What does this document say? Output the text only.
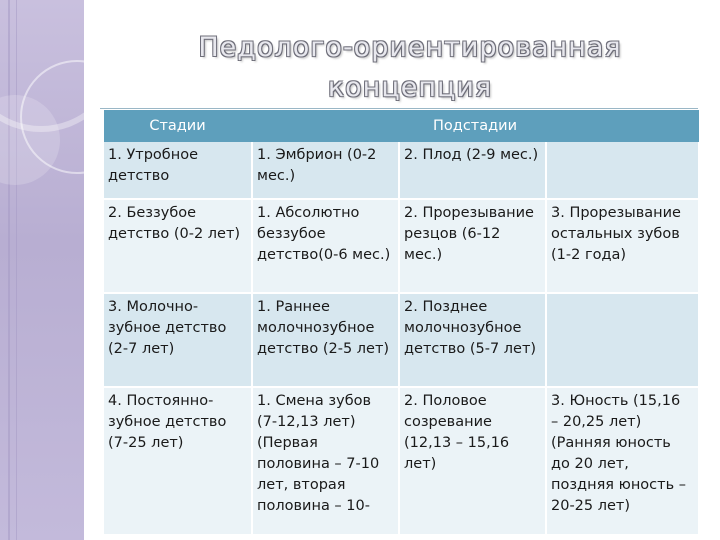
Педолого-ориентированная
концепция
Стадии	Подстадии		
1. Утробное детство	1. Эмбрион (0-2 мес.)	2. Плод (2-9 мес.)	
2. Беззубое детство (0-2 лет)	1. Абсолютно беззубое детство(0-6 мес.)	2. Прорезывание резцов (6-12 мес.)	3. Прорезывание остальных зубов (1-2 года)
3. Молочно-зубное детство (2-7 лет)	1. Раннее молочнозубное детство (2-5 лет)	2. Позднее молочнозубное детство (5-7 лет)	
4. Постоянно-зубное детство (7-25 лет)	1. Смена зубов (7-12,13 лет) (Первая половина – 7-10 лет, вторая половина – 10-	2. Половое созревание (12,13 – 15,16 лет)	3. Юность (15,16 – 20,25 лет) (Ранняя юность до 20 лет, поздняя юность – 20-25 лет)
